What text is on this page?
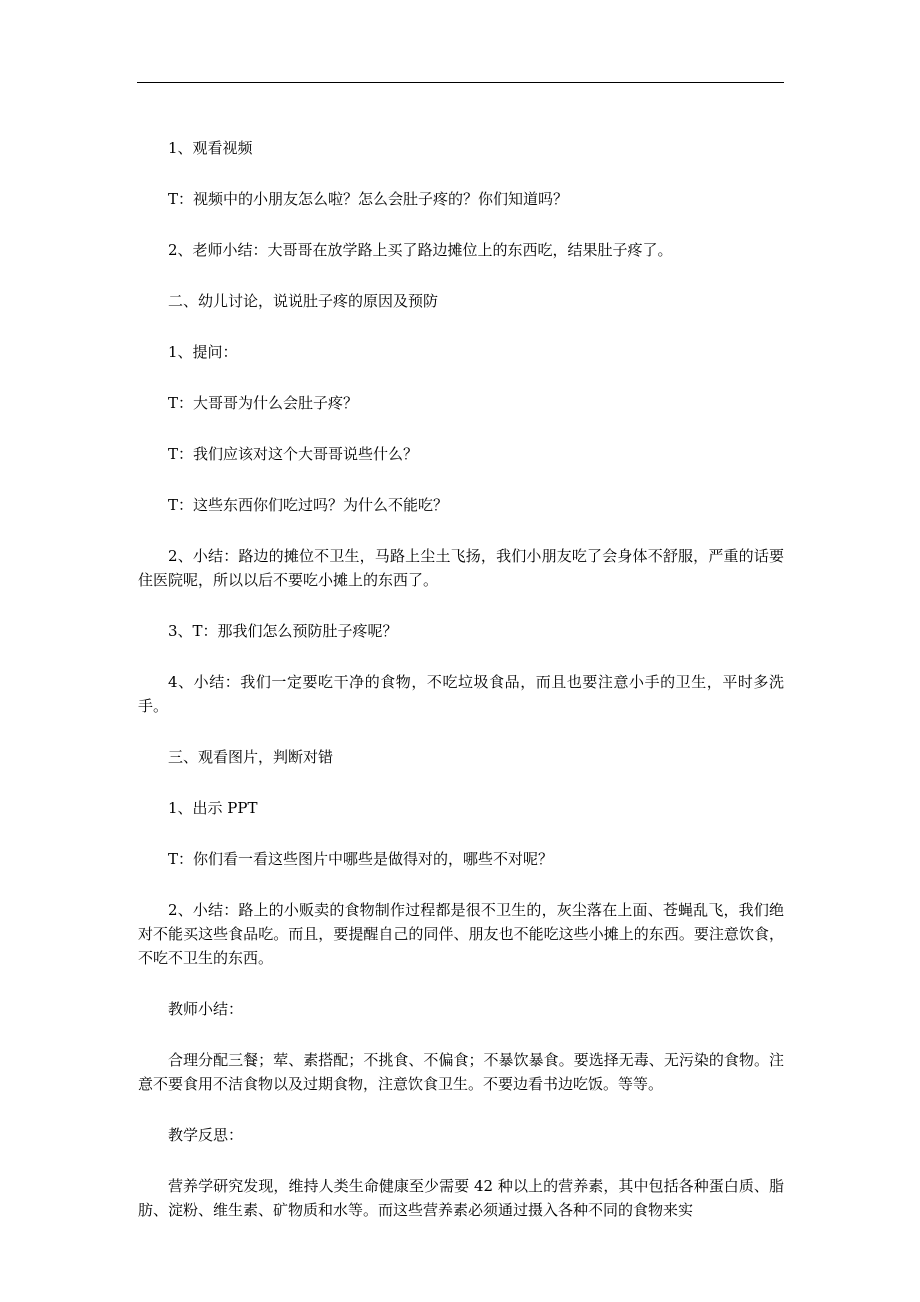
1、观看视频

T：视频中的小朋友怎么啦？怎么会肚子疼的？你们知道吗？

2、老师小结：大哥哥在放学路上买了路边摊位上的东西吃，结果肚子疼了。

二、幼儿讨论，说说肚子疼的原因及预防

1、提问：

T：大哥哥为什么会肚子疼？

T：我们应该对这个大哥哥说些什么？

T：这些东西你们吃过吗？为什么不能吃？

2、小结：路边的摊位不卫生，马路上尘土飞扬，我们小朋友吃了会身体不舒服，严重的话要住医院呢，所以以后不要吃小摊上的东西了。

3、T：那我们怎么预防肚子疼呢？

4、小结：我们一定要吃干净的食物，不吃垃圾食品，而且也要注意小手的卫生，平时多洗手。

三、观看图片，判断对错

1、出示 PPT

T：你们看一看这些图片中哪些是做得对的，哪些不对呢？

2、小结：路上的小贩卖的食物制作过程都是很不卫生的，灰尘落在上面、苍蝇乱飞，我们绝对不能买这些食品吃。而且，要提醒自己的同伴、朋友也不能吃这些小摊上的东西。要注意饮食，不吃不卫生的东西。

教师小结：

合理分配三餐；荤、素搭配；不挑食、不偏食；不暴饮暴食。要选择无毒、无污染的食物。注意不要食用不洁食物以及过期食物，注意饮食卫生。不要边看书边吃饭。等等。

教学反思：

营养学研究发现，维持人类生命健康至少需要 42 种以上的营养素，其中包括各种蛋白质、脂肪、淀粉、维生素、矿物质和水等。而这些营养素必须通过摄入各种不同的食物来实
